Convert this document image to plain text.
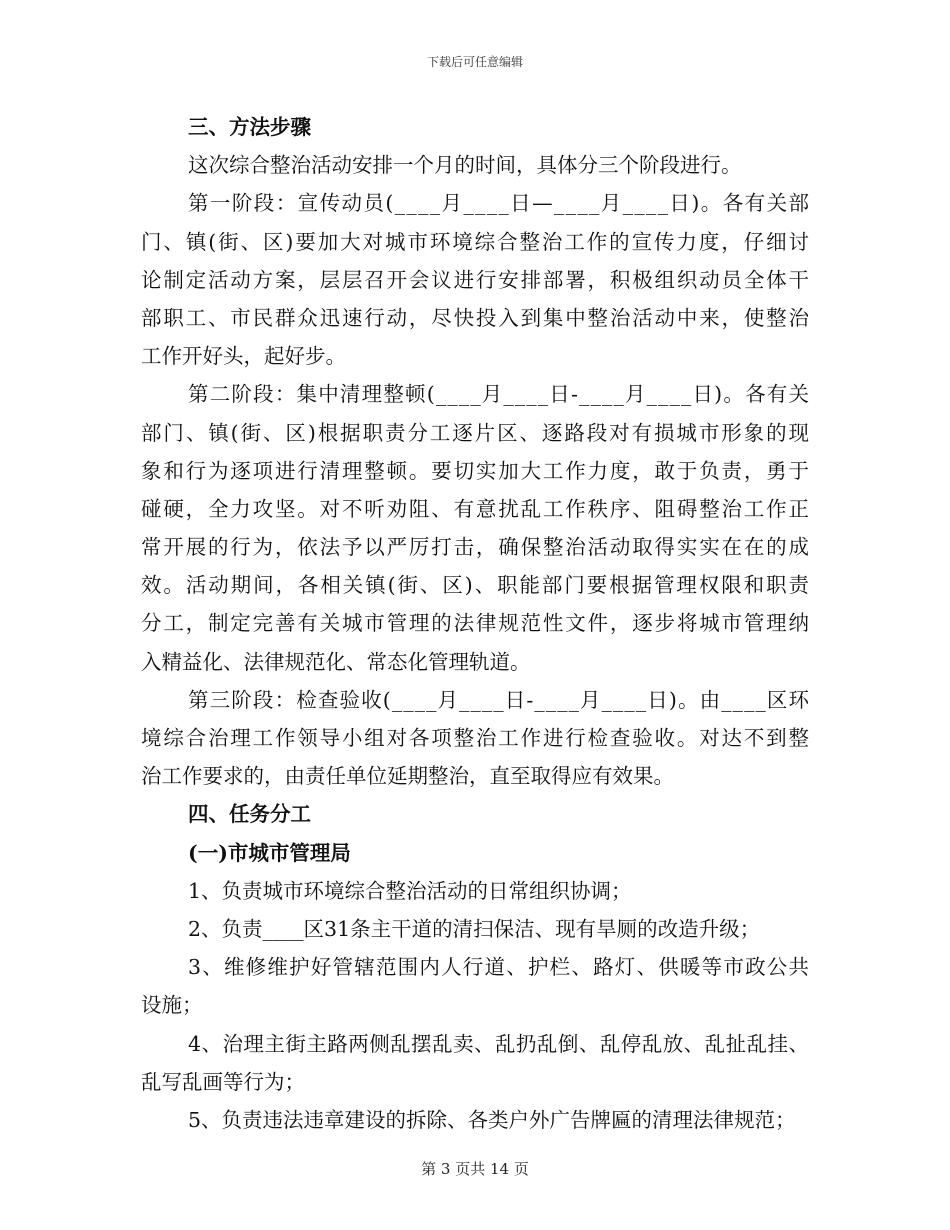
下载后可任意编辑
三、方法步骤
这次综合整治活动安排一个月的时间，具体分三个阶段进行。
第一阶段：宣传动员(____月____日—____月____日)。各有关部
门、镇(街、区)要加大对城市环境综合整治工作的宣传力度，仔细讨
论制定活动方案，层层召开会议进行安排部署，积极组织动员全体干
部职工、市民群众迅速行动，尽快投入到集中整治活动中来，使整治
工作开好头，起好步。
第二阶段：集中清理整顿(____月____日-____月____日)。各有关
部门、镇(街、区)根据职责分工逐片区、逐路段对有损城市形象的现
象和行为逐项进行清理整顿。要切实加大工作力度，敢于负责，勇于
碰硬，全力攻坚。对不听劝阻、有意扰乱工作秩序、阻碍整治工作正
常开展的行为，依法予以严厉打击，确保整治活动取得实实在在的成
效。活动期间，各相关镇(街、区)、职能部门要根据管理权限和职责
分工，制定完善有关城市管理的法律规范性文件，逐步将城市管理纳
入精益化、法律规范化、常态化管理轨道。
第三阶段：检查验收(____月____日-____月____日)。由____区环
境综合治理工作领导小组对各项整治工作进行检查验收。对达不到整
治工作要求的，由责任单位延期整治，直至取得应有效果。
四、任务分工
(一)市城市管理局
1、负责城市环境综合整治活动的日常组织协调；
2、负责____区31条主干道的清扫保洁、现有旱厕的改造升级；
3、维修维护好管辖范围内人行道、护栏、路灯、供暖等市政公共
设施；
4、治理主街主路两侧乱摆乱卖、乱扔乱倒、乱停乱放、乱扯乱挂、
乱写乱画等行为；
5、负责违法违章建设的拆除、各类户外广告牌匾的清理法律规范；
第 3 页共 14 页
